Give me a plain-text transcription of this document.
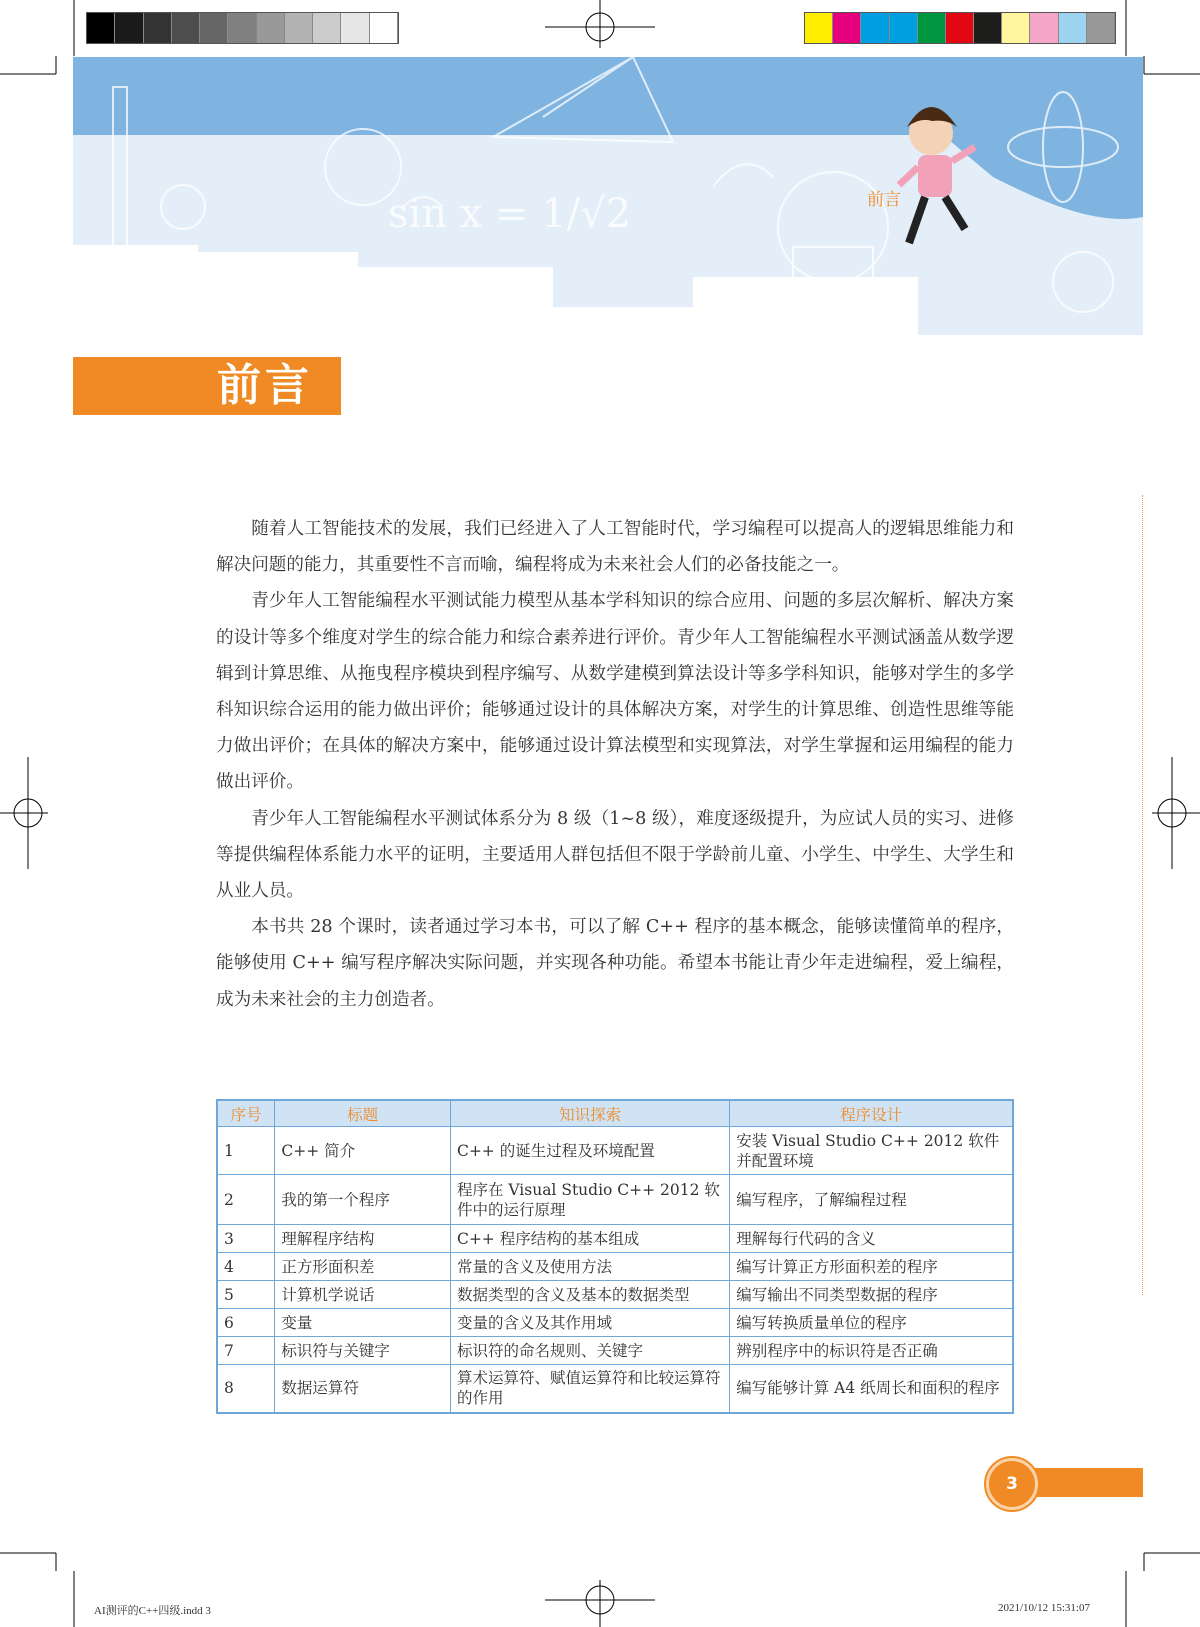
sin x = 1/√2	前言
前言

随着人工智能技术的发展，我们已经进入了人工智能时代，学习编程可以提高人的逻辑思维能力和解决问题的能力，其重要性不言而喻，编程将成为未来社会人们的必备技能之一。

青少年人工智能编程水平测试能力模型从基本学科知识的综合应用、问题的多层次解析、解决方案的设计等多个维度对学生的综合能力和综合素养进行评价。青少年人工智能编程水平测试涵盖从数学逻辑到计算思维、从拖曳程序模块到程序编写、从数学建模到算法设计等多学科知识，能够对学生的多学科知识综合运用的能力做出评价；能够通过设计的具体解决方案，对学生的计算思维、创造性思维等能力做出评价；在具体的解决方案中，能够通过设计算法模型和实现算法，对学生掌握和运用编程的能力做出评价。

青少年人工智能编程水平测试体系分为 8 级（1~8 级），难度逐级提升，为应试人员的实习、进修等提供编程体系能力水平的证明，主要适用人群包括但不限于学龄前儿童、小学生、中学生、大学生和从业人员。

本书共 28 个课时，读者通过学习本书，可以了解 C++ 程序的基本概念，能够读懂简单的程序，能够使用 C++ 编写程序解决实际问题，并实现各种功能。希望本书能让青少年走进编程，爱上编程，成为未来社会的主力创造者。

序号	标题	知识探索	程序设计
1	C++ 简介	C++ 的诞生过程及环境配置	安装 Visual Studio C++ 2012 软件并配置环境
2	我的第一个程序	程序在 Visual Studio C++ 2012 软件中的运行原理	编写程序，了解编程过程
3	理解程序结构	C++ 程序结构的基本组成	理解每行代码的含义
4	正方形面积差	常量的含义及使用方法	编写计算正方形面积差的程序
5	计算机学说话	数据类型的含义及基本的数据类型	编写输出不同类型数据的程序
6	变量	变量的含义及其作用域	编写转换质量单位的程序
7	标识符与关键字	标识符的命名规则、关键字	辨别程序中的标识符是否正确
8	数据运算符	算术运算符、赋值运算符和比较运算符的作用	编写能够计算 A4 纸周长和面积的程序
3
AI测评的C++四级.indd 3	2021/10/12 15:31:07
